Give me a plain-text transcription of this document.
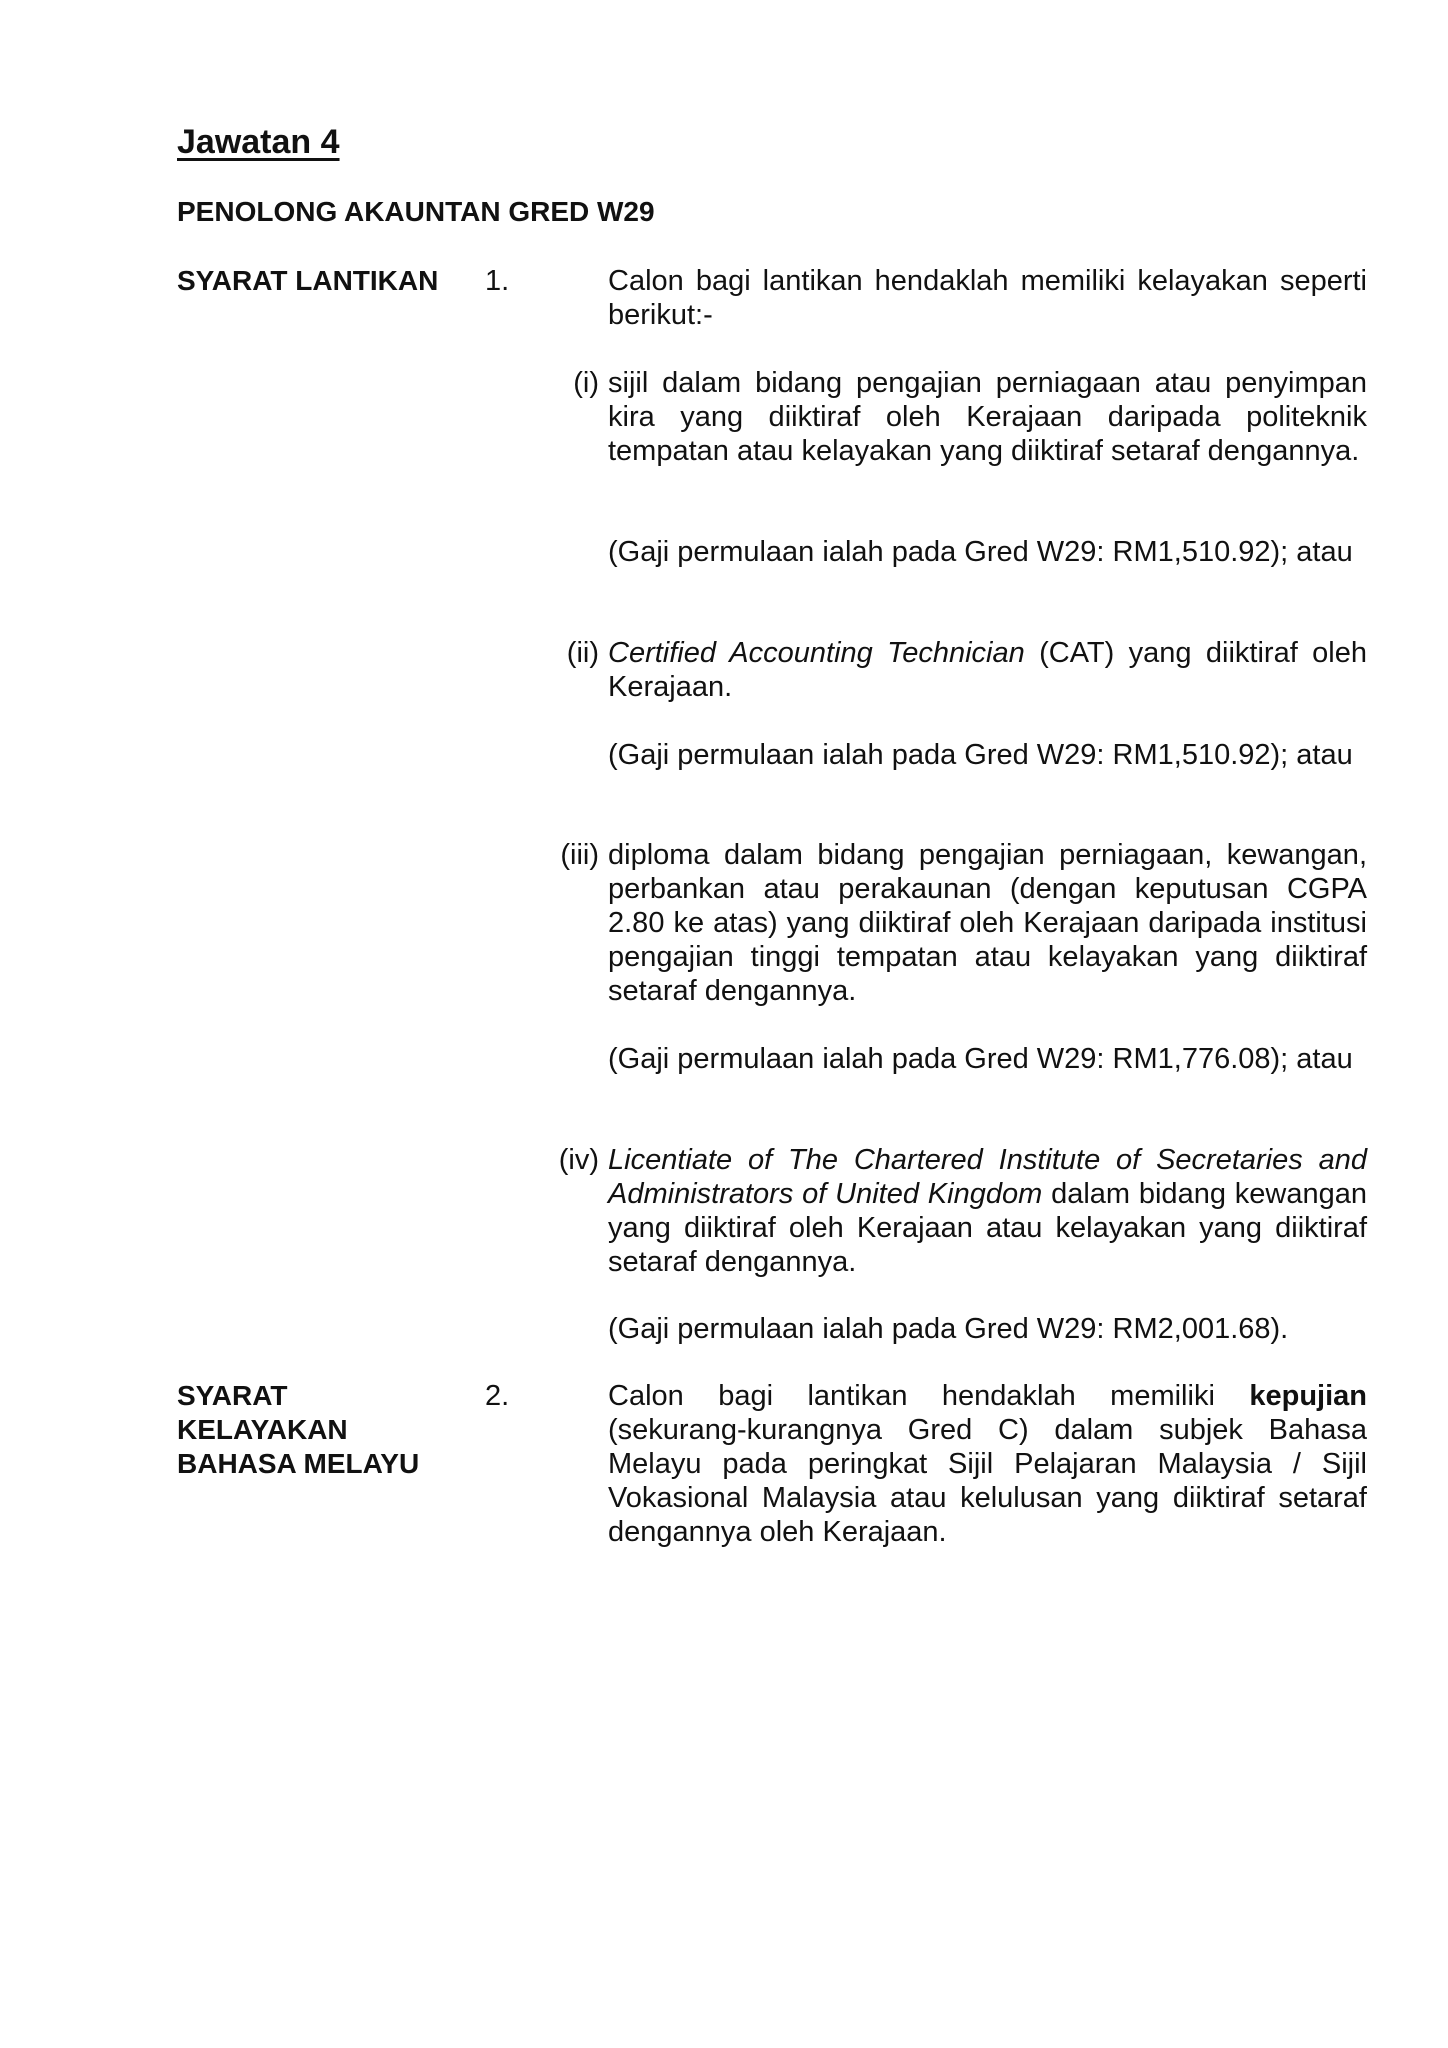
Jawatan 4
PENOLONG AKAUNTAN GRED W29
SYARAT LANTIKAN	1.	Calon bagi lantikan hendaklah memiliki kelayakan seperti berikut:-
(i) sijil dalam bidang pengajian perniagaan atau penyimpan kira yang diiktiraf oleh Kerajaan daripada politeknik tempatan atau kelayakan yang diiktiraf setaraf dengannya.
(Gaji permulaan ialah pada Gred W29: RM1,510.92); atau
(ii) Certified Accounting Technician (CAT) yang diiktiraf oleh Kerajaan.
(Gaji permulaan ialah pada Gred W29: RM1,510.92); atau
(iii) diploma dalam bidang pengajian perniagaan, kewangan, perbankan atau perakaunan (dengan keputusan CGPA 2.80 ke atas) yang diiktiraf oleh Kerajaan daripada institusi pengajian tinggi tempatan atau kelayakan yang diiktiraf setaraf dengannya.
(Gaji permulaan ialah pada Gred W29: RM1,776.08); atau
(iv) Licentiate of The Chartered Institute of Secretaries and Administrators of United Kingdom dalam bidang kewangan yang diiktiraf oleh Kerajaan atau kelayakan yang diiktiraf setaraf dengannya.
(Gaji permulaan ialah pada Gred W29: RM2,001.68).
SYARAT
KELAYAKAN
BAHASA MELAYU
2.	Calon bagi lantikan hendaklah memiliki kepujian (sekurang-kurangnya Gred C) dalam subjek Bahasa Melayu pada peringkat Sijil Pelajaran Malaysia / Sijil Vokasional Malaysia atau kelulusan yang diiktiraf setaraf dengannya oleh Kerajaan.
